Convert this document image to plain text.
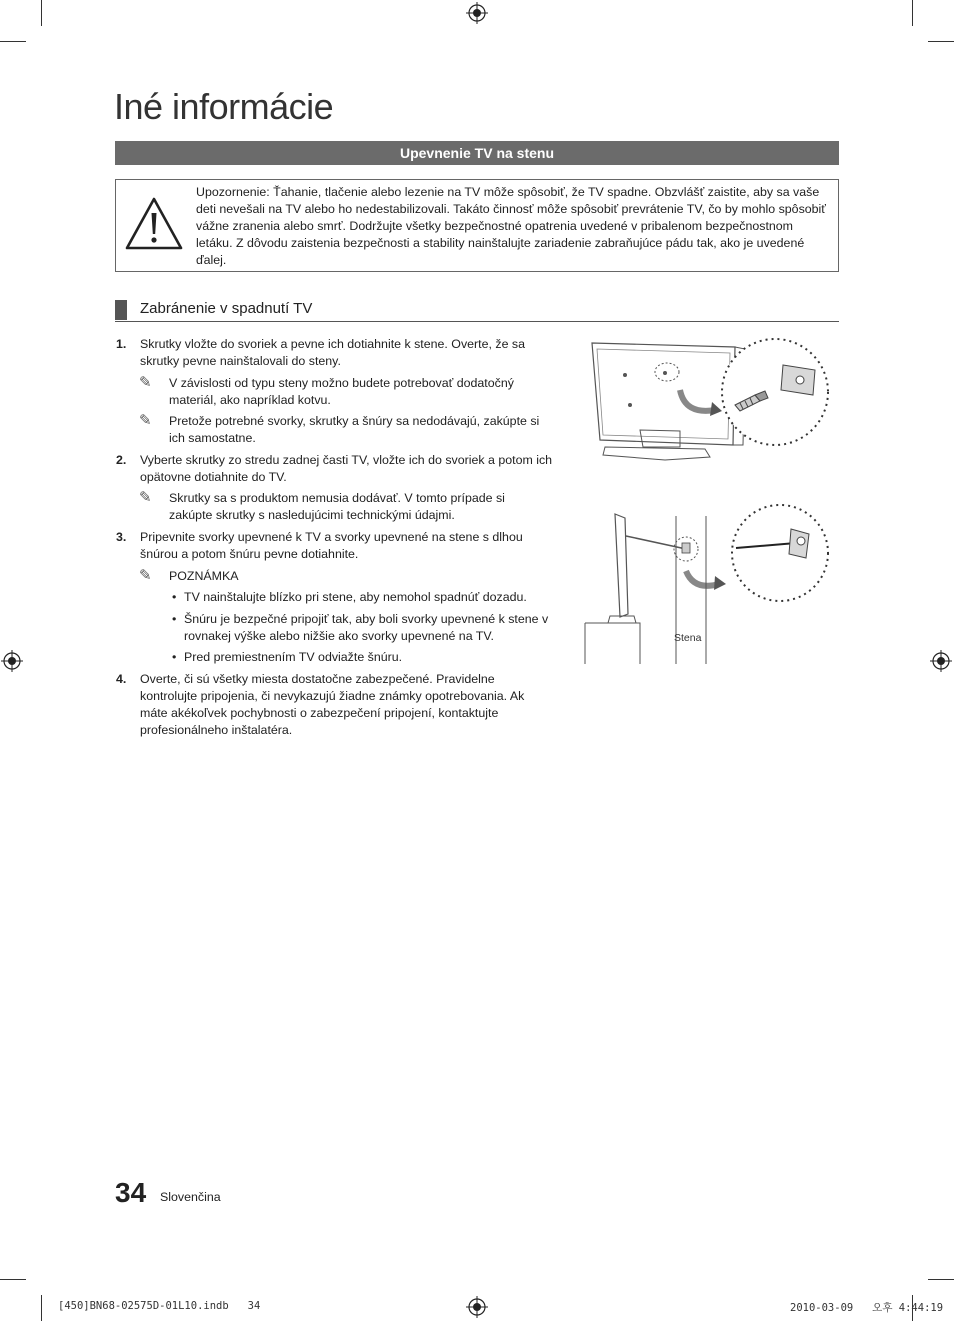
Iné informácie
Upevnenie TV na stenu
Upozornenie: Ťahanie, tlačenie alebo lezenie na TV môže spôsobiť, že TV spadne. Obzvlášť zaistite, aby sa vaše deti nevešali na TV alebo ho nedestabilizovali. Takáto činnosť môže spôsobiť prevrátenie TV, čo by mohlo spôsobiť vážne zranenia alebo smrť. Dodržujte všetky bezpečnostné opatrenia uvedené v pribalenom bezpečnostnom letáku. Z dôvodu zaistenia bezpečnosti a stability nainštalujte zariadenie zabraňujúce pádu tak, ako je uvedené ďalej.
Zabránenie v spadnutí TV
1. Skrutky vložte do svoriek a pevne ich dotiahnite k stene. Overte, že sa skrutky pevne nainštalovali do steny.
✎ V závislosti od typu steny možno budete potrebovať dodatočný materiál, ako napríklad kotvu.
✎ Pretože potrebné svorky, skrutky a šnúry sa nedodávajú, zakúpte si ich samostatne.
2. Vyberte skrutky zo stredu zadnej časti TV, vložte ich do svoriek a potom ich opätovne dotiahnite do TV.
✎ Skrutky sa s produktom nemusia dodávať. V tomto prípade si zakúpte skrutky s nasledujúcimi technickými údajmi.
3. Pripevnite svorky upevnené k TV a svorky upevnené na stene s dlhou šnúrou a potom šnúru pevne dotiahnite.
✎ POZNÁMKA
• TV nainštalujte blízko pri stene, aby nemohol spadnúť dozadu.
• Šnúru je bezpečné pripojiť tak, aby boli svorky upevnené k stene v rovnakej výške alebo nižšie ako svorky upevnené na TV.
• Pred premiestnením TV odviažte šnúru.
4. Overte, či sú všetky miesta dostatočne zabezpečené. Pravidelne kontrolujte pripojenia, či nevykazujú žiadne známky opotrebovania. Ak máte akékoľvek pochybnosti o zabezpečení pripojení, kontaktujte profesionálneho inštalatéra.
Stena
34 Slovenčina
[450]BN68-02575D-01L10.indb   34	2010-03-09   오후 4:44:19
